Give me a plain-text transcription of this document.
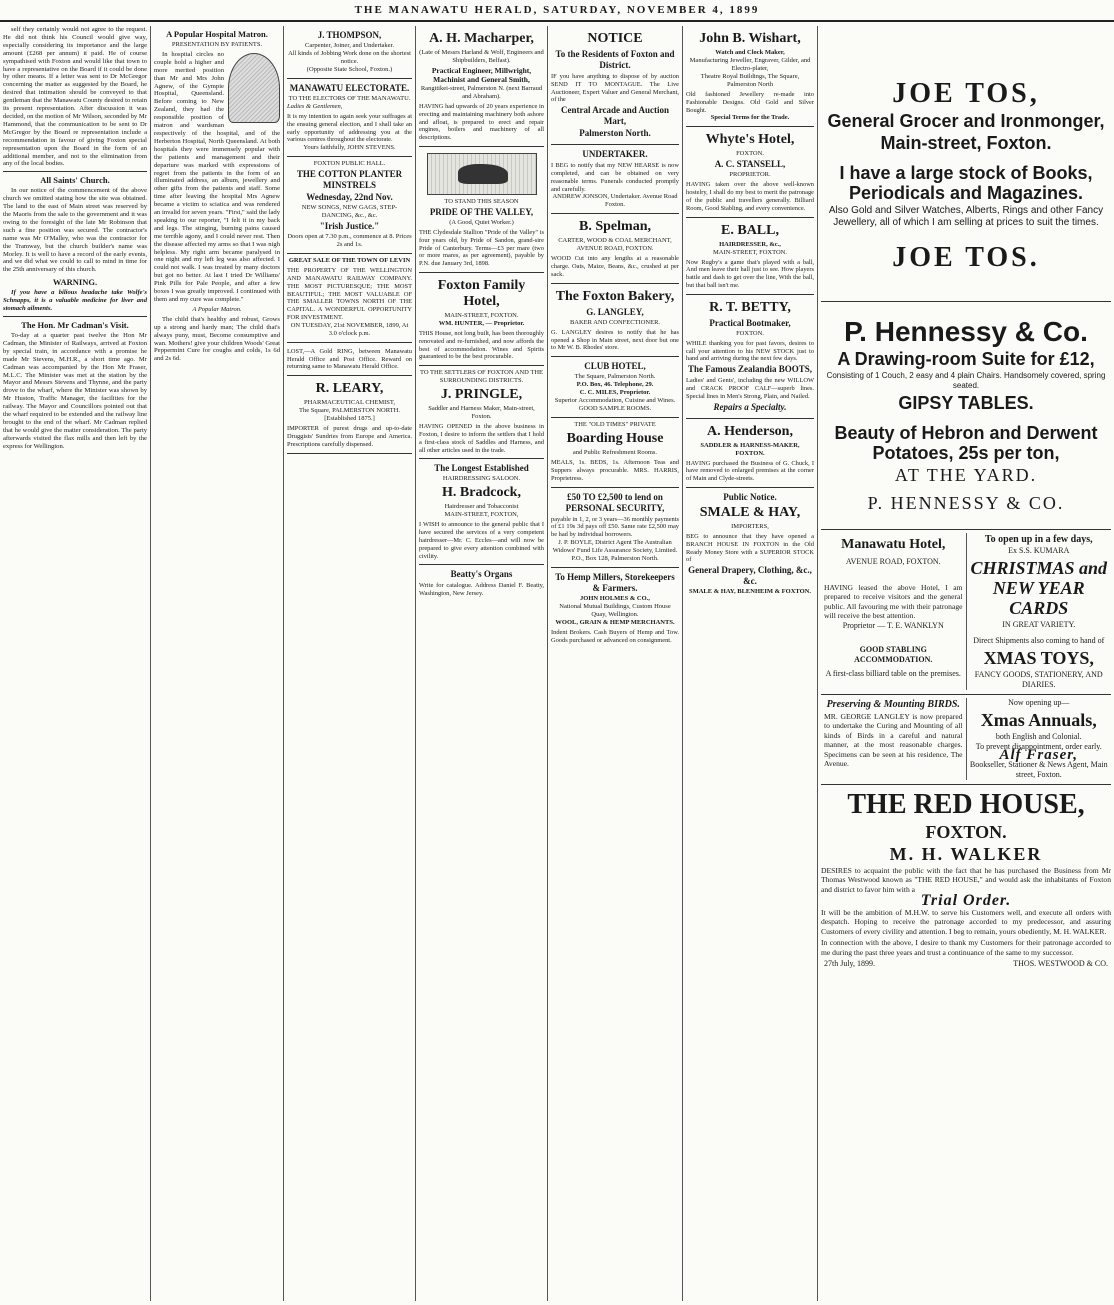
THE MANAWATU HERALD, SATURDAY, NOVEMBER 4, 1899

self they certainly would not agree to the request. He did not think his Council would give way, especially considering its importance and the large amount (£268 per annum) it paid. He of course sympathised with Foxton and would like that town to have a representative on the Board if it could be done by other means. If a letter was sent to Dr McGregor concerning the matter as suggested by the Board, he desired that intimation should be conveyed to that gentleman that the Manawatu County desired to retain its present representation. After discussion it was decided, on the motion of Mr Wilson, seconded by Mr Hammond, that the communication to be sent to Dr McGregor by the Board re representation include a recommendation in favour of giving Foxton special representation upon the Board in the form of an additional member, and not to the elimination from any of the local bodies.

All Saints' Church.

In our notice of the commencement of the above church we omitted stating how the site was obtained. The land to the east of Main street was reserved by the Maoris from the sale to the government and it was owing to the foresight of the late Mr Robinson that such a fine position was secured. The contractor's name was Mr O'Malley, who was the contractor for the Tramway, but the church builder's name was Morley. It is well to have a record of the early events, and we did what we could to call to mind in time for the 25th anniversary of this church.

WARNING.

If you have a bilious headache take Wolfe's Schnapps, it is a valuable medicine for liver and stomach ailments.

The Hon. Mr Cadman's Visit.

To-day at a quarter past twelve the Hon Mr Cadman, the Minister of Railways, arrived at Foxton by special train, in accordance with a promise he made Mr Stevens, M.H.R., a short time ago. Mr Cadman was accompanied by the Hon Mr Fraser, M.L.C. The Minister was met at the station by the Mayor and Messrs Stevens and Thynne, and the party drove to the wharf, where the Minister was shown by Mr Huston, Traffic Manager, the facilities for the railway. The Mayor and Councillors pointed out that the wharf required to be extended and the railway line brought to the end of the wharf. Mr Cadman replied that he would give the matter consideration. The party afterwards visited the flax mills and then left by the express for Wellington.

A Popular Hospital Matron.
PRESENTATION BY PATIENTS.

In hospital circles no couple hold a higher and more merited position than Mr and Mrs John Agnew, of the Gympie Hospital, Queensland. Before coming to New Zealand, they had the responsible position of matron and wardsman respectively of the hospital, and of the Herberton Hospital, North Queensland. At both hospitals they were immensely popular with the patients and management and their departure was marked with expressions of regret from the patients in the form of an illuminated address, an album, jewellery and other gifts from the patients and staff. Some time after leaving the hospital Mrs Agnew became a victim to sciatica and was rendered an invalid for seven years. "First," said the lady speaking to our reporter, "I felt it in my back and legs. The stinging, burning pains caused me terrible agony, and I could never rest. Then the disease affected my arms so that I was nigh helpless. My right arm became paralysed in one night and my left leg was also affected. I could not walk. I was treated by many doctors but got no better. At last I tried Dr Williams' Pink Pills for Pale People, and after a few boxes I was greatly improved. I continued with them and my cure was complete."

A Popular Matron.

The child that's healthy and robust, Grows up a strong and hardy man; The child that's always puny, must, Become consumptive and wan. Mothers! give your children Woods' Great Peppermint Cure for coughs and colds, 1s 6d and 2s 6d.

J. THOMPSON,
Carpenter, Joiner, and Undertaker.
All kinds of Jobbing Work done on the shortest notice.
(Opposite State School, Foxton.)
MANAWATU ELECTORATE.
TO THE ELECTORS OF THE MANAWATU.
Ladies & Gentlemen,
It is my intention to again seek your suffrages at the ensuing general election, and I shall take an early opportunity of addressing you at the various centres throughout the electorate.
Yours faithfully, JOHN STEVENS.
FOXTON PUBLIC HALL.
THE COTTON PLANTER MINSTRELS
Wednesday, 22nd Nov.
NEW SONGS, NEW GAGS, STEP-DANCING, &c., &c.
"Irish Justice."
Doors open at 7.30 p.m., commence at 8. Prices 2s and 1s.
GREAT SALE OF THE TOWN OF LEVIN
THE PROPERTY OF THE WELLINGTON AND MANAWATU RAILWAY COMPANY. THE MOST PICTURESQUE; THE MOST BEAUTIFUL; THE MOST VALUABLE OF THE SMALLER TOWNS NORTH OF THE CAPITAL. A WONDERFUL OPPORTUNITY FOR INVESTMENT.
ON TUESDAY, 21st NOVEMBER, 1899, At 3.0 o'clock p.m.
LOST,—A Gold RING, between Manawatu Herald Office and Post Office. Reward on returning same to Manawatu Herald Office.
R. LEARY,
PHARMACEUTICAL CHEMIST,
The Square, PALMERSTON NORTH.
[Established 1875.]
IMPORTER of purest drugs and up-to-date Druggists' Sundries from Europe and America. Prescriptions carefully dispensed.
A. H. Macharper,
(Late of Messrs Harland & Wolf, Engineers and Shipbuilders, Belfast).
Practical Engineer, Millwright, Machinist and General Smith,
Rangitikei-street, Palmerston N. (next Barraud and Abraham).
HAVING had upwards of 20 years experience in erecting and maintaining machinery both ashore and afloat, is prepared to erect and repair engines, boilers and machinery of all descriptions.
TO STAND THIS SEASON
PRIDE OF THE VALLEY,
(A Good, Quiet Worker.)
THE Clydesdale Stallion "Pride of the Valley" is four years old, by Pride of Sandon, grand-sire Pride of Canterbury. Terms—£3 per mare (two or more mares, as per agreement), payable by P.N. due January 3rd, 1898.
Foxton Family Hotel,
MAIN-STREET, FOXTON.
WM. HUNTER, — Proprietor.
THIS House, not long built, has been thoroughly renovated and re-furnished, and now affords the best of accommodation. Wines and Spirits guaranteed to be the best procurable.
TO THE SETTLERS OF FOXTON AND THE SURROUNDING DISTRICTS.
J. PRINGLE,
Saddler and Harness Maker, Main-street, Foxton.
HAVING OPENED in the above business in Foxton, I desire to inform the settlers that I hold a first-class stock of Saddles and Harness, and all other articles used in the trade.
The Longest Established
HAIRDRESSING SALOON.
H. Bradcock,
Hairdresser and Tobacconist
MAIN-STREET, FOXTON,
I WISH to announce to the general public that I have secured the services of a very competent hairdresser—Mr. C. Eccles—and will now be prepared to give every attention combined with civility.
Beatty's Organs
Write for catalogue. Address Daniel F. Beatty, Washington, New Jersey.
NOTICE
To the Residents of Foxton and District.
IF you have anything to dispose of by auction SEND IT TO MONTAGUE. The Live Auctioneer, Expert Valuer and General Merchant, of the
Central Arcade and Auction Mart,
Palmerston North.
UNDERTAKER.
I BEG to notify that my NEW HEARSE is now completed, and can be obtained on very reasonable terms. Funerals conducted promptly and carefully.
ANDREW JONSON, Undertaker. Avenue Road Foxton.
B. Spelman,
CARTER, WOOD & COAL MERCHANT,
AVENUE ROAD, FOXTON.
WOOD Cut into any lengths at a reasonable charge. Oats, Maize, Beans, &c., crushed at per sack.
The Foxton Bakery,
G. LANGLEY,
BAKER AND CONFECTIONER.
G. LANGLEY desires to notify that he has opened a Shop in Main street, next door but one to Mr W. B. Rhodes' store.
CLUB HOTEL,
The Square, Palmerston North.
P.O. Box, 46. Telephone, 29.
C. C. MILES, Proprietor.
Superior Accommodation, Cuisine and Wines. GOOD SAMPLE ROOMS.
THE "OLD TIMES" PRIVATE
Boarding House
and Public Refreshment Rooms.
MEALS, 1s. BEDS, 1s. Afternoon Teas and Suppers always procurable. MRS. HARRIS, Proprietress.
£50 TO £2,500 to lend on PERSONAL SECURITY,
payable in 1, 2, or 3 years—36 monthly payments of £1 19s 3d pays off £50. Same rate £2,500 may be had by individual borrowers.
J. P. BOYLE, District Agent The Australian Widows' Fund Life Assurance Society, Limited. P.O., Box 128, Palmerston North.
To Hemp Millers, Storekeepers & Farmers.
JOHN HOLMES & CO.,
National Mutual Buildings, Custom House Quay, Wellington.
WOOL, GRAIN & HEMP MERCHANTS.
Indent Brokers. Cash Buyers of Hemp and Tow. Goods purchased or advanced on consignment.
John B. Wishart,
Watch and Clock Maker,
Manufacturing Jeweller, Engraver, Gilder, and Electro-plater,
Theatre Royal Buildings, The Square, Palmerston North
Old fashioned Jewellery re-made into Fashionable Designs. Old Gold and Silver Bought.
Special Terms for the Trade.
Whyte's Hotel,
FOXTON.
A. C. STANSELL,
PROPRIETOR.
HAVING taken over the above well-known hostelry, I shall do my best to merit the patronage of the public and travellers generally. Billiard Room, Good Stabling, and every convenience.
E. BALL,
HAIRDRESSER, &c.,
MAIN-STREET, FOXTON.
Now Rugby's a game that's played with a ball, And men leave their hall just to see. How players battle and dash to get over the line, With the ball, but that ball isn't me.
R. T. BETTY,
Practical Bootmaker,
FOXTON.
WHILE thanking you for past favors, desires to call your attention to his NEW STOCK just to hand and arriving during the next few days.
The Famous Zealandia BOOTS,
Ladies' and Gents', including the new WILLOW and CRACK PROOF CALF—superb lines. Special lines in Men's Strong, Plain, and Nailed.
Repairs a Specialty.
A. Henderson,
SADDLER & HARNESS-MAKER, FOXTON.
HAVING purchased the Business of G. Chuck, I have removed to enlarged premises at the corner of Main and Clyde-streets.
Public Notice.
SMALE & HAY,
IMPORTERS,
BEG to announce that they have opened a BRANCH HOUSE IN FOXTON in the Old Ready Money Store with a SUPERIOR STOCK of
General Drapery, Clothing, &c., &c.
SMALE & HAY, BLENHEIM & FOXTON.
JOE TOS,
General Grocer and Ironmonger,
Main-street, Foxton.
I have a large stock of Books, Periodicals and Magazines.
Also Gold and Silver Watches, Alberts, Rings and other Fancy Jewellery, all of which I am selling at prices to suit the times.
JOE TOS.
P. Hennessy & Co.
A Drawing-room Suite for £12,
Consisting of 1 Couch, 2 easy and 4 plain Chairs. Handsomely covered, spring seated.
GIPSY TABLES.
Beauty of Hebron and Derwent Potatoes, 25s per ton,
AT THE YARD.
P. HENNESSY & CO.
Manawatu Hotel,
AVENUE ROAD, FOXTON.
HAVING leased the above Hotel, I am prepared to receive visitors and the general public. All favouring me with their patronage will receive the best attention.
Proprietor — T. E. WANKLYN
GOOD STABLING ACCOMMODATION.
A first-class billiard table on the premises.
To open up in a few days,
Ex S.S. KUMARA
CHRISTMAS and NEW YEAR CARDS
IN GREAT VARIETY.
Direct Shipments also coming to hand of
XMAS TOYS,
FANCY GOODS, STATIONERY, AND DIARIES.
Preserving & Mounting BIRDS.
MR. GEORGE LANGLEY is now prepared to undertake the Curing and Mounting of all kinds of Birds in a careful and natural manner, at the most reasonable charges. Specimens can be seen at his residence, The Avenue.
Now opening up—
Xmas Annuals,
both English and Colonial.
To prevent disappointment, order early.
Alf Fraser,
Bookseller, Stationer & News Agent, Main street, Foxton.
THE RED HOUSE,
FOXTON.
M. H. WALKER
DESIRES to acquaint the public with the fact that he has purchased the Business from Mr Thomas Westwood known as "THE RED HOUSE," and would ask the inhabitants of Foxton and district to favor him with a
Trial Order.
It will be the ambition of M.H.W. to serve his Customers well, and execute all orders with despatch. Hoping to receive the patronage accorded to my predecessor, and assuring Customers of every civility and attention. I beg to remain, yours obediently, M. H. WALKER.
In connection with the above, I desire to thank my Customers for their patronage accorded to me during the past three years and trust a continuance of the same to my successor.
27th July, 1899.	THOS. WESTWOOD & CO.
